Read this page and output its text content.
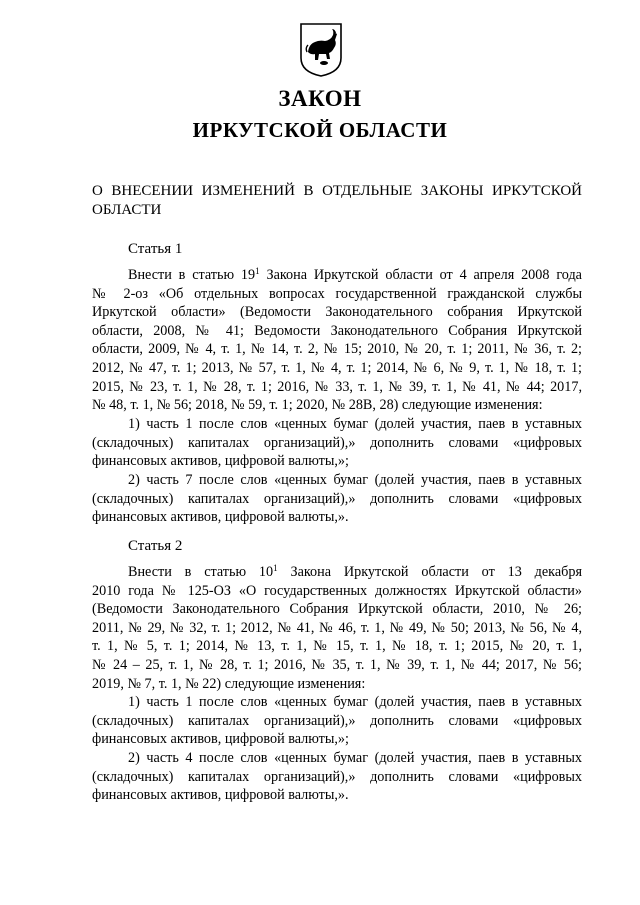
ЗАКОН
ИРКУТСКОЙ ОБЛАСТИ
О ВНЕСЕНИИ ИЗМЕНЕНИЙ В ОТДЕЛЬНЫЕ ЗАКОНЫ ИРКУТСКОЙ ОБЛАСТИ
Статья 1
Внести в статью $19^1$ Закона Иркутской области от 4 апреля 2008 года
№ 2-оз «Об отдельных вопросах государственной гражданской службы
Иркутской области» (Ведомости Законодательного собрания Иркутской
области, 2008, № 41; Ведомости Законодательного Собрания Иркутской
области, 2009, № 4, т. 1, № 14, т. 2, № 15; 2010, № 20, т. 1; 2011, № 36, т. 2;
2012, № 47, т. 1; 2013, № 57, т. 1, № 4, т. 1; 2014, № 6, № 9, т. 1, № 18, т. 1;
2015, № 23, т. 1, № 28, т. 1; 2016, № 33, т. 1, № 39, т. 1, № 41, № 44; 2017,
№ 48, т. 1, № 56; 2018, № 59, т. 1; 2020, № 28В, 28) следующие изменения:
1) часть 1 после слов «ценных бумаг (долей участия, паев в уставных
(складочных) капиталах организаций),» дополнить словами «цифровых
финансовых активов, цифровой валюты,»;
2) часть 7 после слов «ценных бумаг (долей участия, паев в уставных
(складочных) капиталах организаций),» дополнить словами «цифровых
финансовых активов, цифровой валюты,».
Статья 2
Внести в статью $10^1$ Закона Иркутской области от 13 декабря
2010 года № 125-ОЗ «О государственных должностях Иркутской области»
(Ведомости Законодательного Собрания Иркутской области, 2010, № 26;
2011, № 29, № 32, т. 1; 2012, № 41, № 46, т. 1, № 49, № 50; 2013, № 56, № 4,
т. 1, № 5, т. 1; 2014, № 13, т. 1, № 15, т. 1, № 18, т. 1; 2015, № 20, т. 1,
№ 24 – 25, т. 1, № 28, т. 1; 2016, № 35, т. 1, № 39, т. 1, № 44; 2017, № 56;
2019, № 7, т. 1, № 22) следующие изменения:
1) часть 1 после слов «ценных бумаг (долей участия, паев в уставных
(складочных) капиталах организаций),» дополнить словами «цифровых
финансовых активов, цифровой валюты,»;
2) часть 4 после слов «ценных бумаг (долей участия, паев в уставных
(складочных) капиталах организаций),» дополнить словами «цифровых
финансовых активов, цифровой валюты,».
